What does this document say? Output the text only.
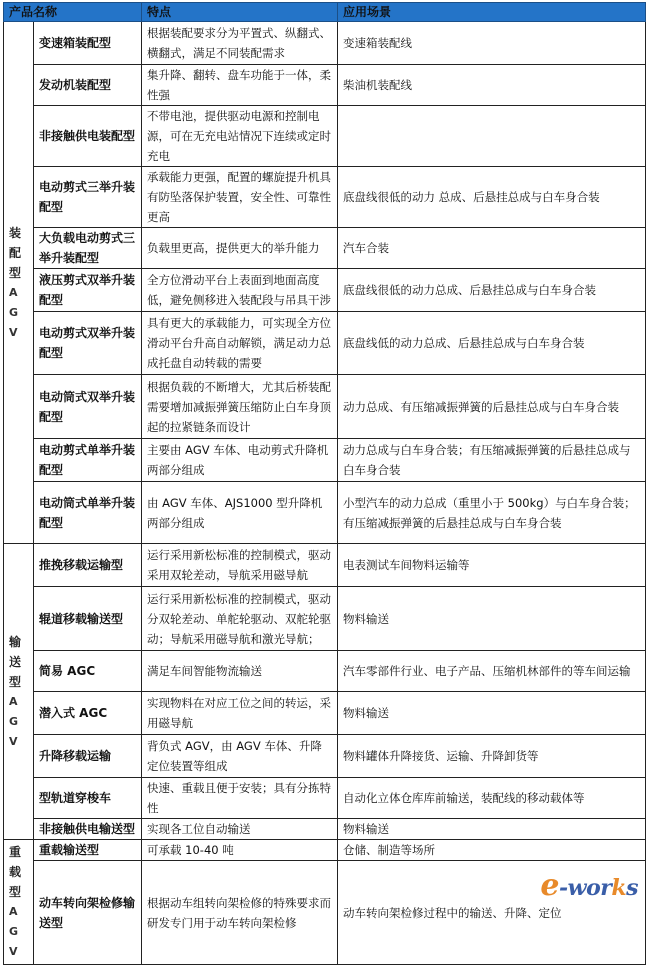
产品名称		特点	应用场景

装
配
型
A
G
V
	变速箱装配型	根据装配要求分为平置式、纵翻式、横翻式，满足不同装配需求	变速箱装配线
	发动机装配型	集升降、翻转、盘车功能于一体，柔性强	柴油机装配线
	非接触供电装配型	不带电池，提供驱动电源和控制电源，可在无充电站情况下连续或定时充电	
	电动剪式三举升装配型	承载能力更强，配置的螺旋提升机具有防坠落保护装置，安全性、可靠性更高	底盘线很低的动力 总成、后悬挂总成与白车身合装
	大负载电动剪式三举升装配型	负载里更高，提供更大的举升能力	汽车合装
	液压剪式双举升装配型	全方位滑动平台上表面到地面高度低，避免侧移进入装配段与吊具干涉	底盘线很低的动力总成、后悬挂总成与白车身合装
	电动剪式双举升装配型	具有更大的承载能力，可实现全方位滑动平台升高自动解锁，满足动力总成托盘自动转载的需要	底盘线低的动力总成、后悬挂总成与白车身合装
	电动筒式双举升装配型	根据负载的不断增大，尤其后桥装配需要增加减振弹簧压缩防止白车身顶起的拉紧链条而设计	动力总成、有压缩减振弹簧的后悬挂总成与白车身合装
	电动剪式单举升装配型	主要由 AGV 车体、电动剪式升降机两部分组成	动力总成与白车身合装；有压缩减振弹簧的后悬挂总成与白车身合装
	电动筒式单举升装配型	由 AGV 车体、AJS1000 型升降机两部分组成	小型汽车的动力总成（重里小于 500kg）与白车身合装；有压缩减振弹簧的后悬挂总成与白车身合装

输
送
型
A
G
V
	推挽移载运输型	运行采用新松标准的控制模式，驱动采用双轮差动，导航采用磁导航	电表测试车间物料运输等
	辊道移载输送型	运行采用新松标准的控制模式，驱动分双轮差动、单舵轮驱动、双舵轮驱动；导航采用磁导航和激光导航；	物料输送
	简易 AGC	满足车间智能物流输送	汽车零部件行业、电子产品、压缩机林部件的等车间运输
	潜入式 AGC	实现物料在对应工位之间的转运，采用磁导航	物料输送
	升降移载运输	背负式 AGV，由 AGV 车体、升降定位装置等组成	物料罐体升降接货、运输、升降卸货等
	型轨道穿梭车	快速、重载且便于安装；具有分拣特性	自动化立体仓库库前输送，装配线的移动载体等
	非接触供电输送型	实现各工位自动输送	物料输送

重
载
型
A
G
V
	重载输送型	可承载 10-40 吨	仓储、制造等场所
	动车转向架检修输送型	根据动车组转向架检修的特殊要求而研发专门用于动车转向架检修	动车转向架检修过程中的输送、升降、定位
e-works
